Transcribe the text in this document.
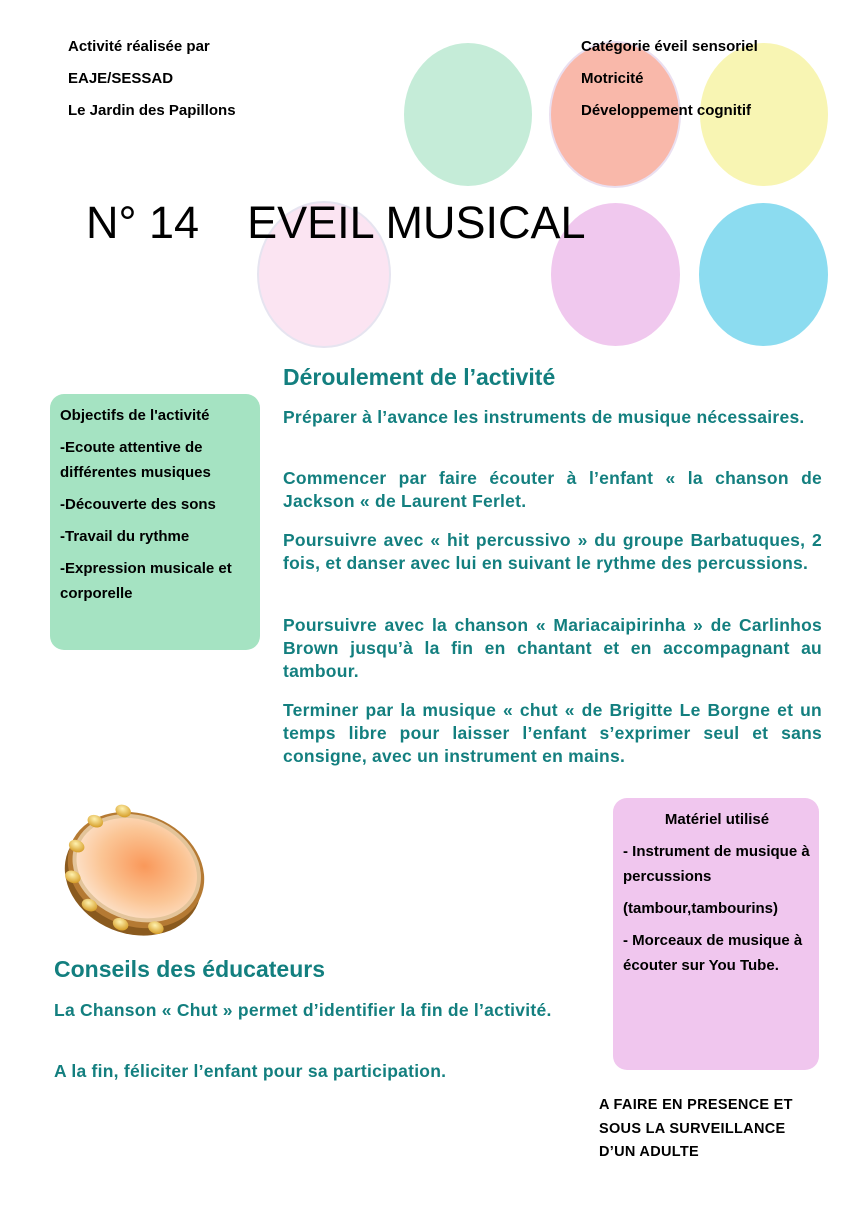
Activité réalisée par
EAJE/SESSAD
Le Jardin des Papillons
Catégorie éveil sensoriel
Motricité
Développement cognitif
N° 14 EVEIL MUSICAL
Déroulement de l’activité
Préparer à l’avance les instruments de musique nécessaires.
Commencer par faire écouter à l’enfant « la chanson de Jackson « de Laurent Ferlet.
Poursuivre avec « hit percussivo » du groupe Barbatuques, 2 fois, et danser avec lui en suivant le rythme des percussions.
Poursuivre avec la chanson « Mariacaipirinha » de Carlinhos Brown jusqu’à la fin en chantant et en accompagnant au tambour.
Terminer par la musique « chut « de Brigitte Le Borgne et un temps libre pour laisser l’enfant s’exprimer seul et sans consigne, avec un instrument en mains.
Objectifs de l'activité
-Ecoute attentive de différentes musiques
-Découverte des sons
-Travail du rythme
-Expression musicale et corporelle
Matériel utilisé
- Instrument de musique à percussions
(tambour,tambourins)
- Morceaux de musique à écouter sur You Tube.
Conseils des éducateurs
La Chanson « Chut » permet d’identifier la fin de l’activité.
A la fin, féliciter l’enfant pour sa participation.
A FAIRE EN PRESENCE ET SOUS LA SURVEILLANCE D’UN ADULTE
